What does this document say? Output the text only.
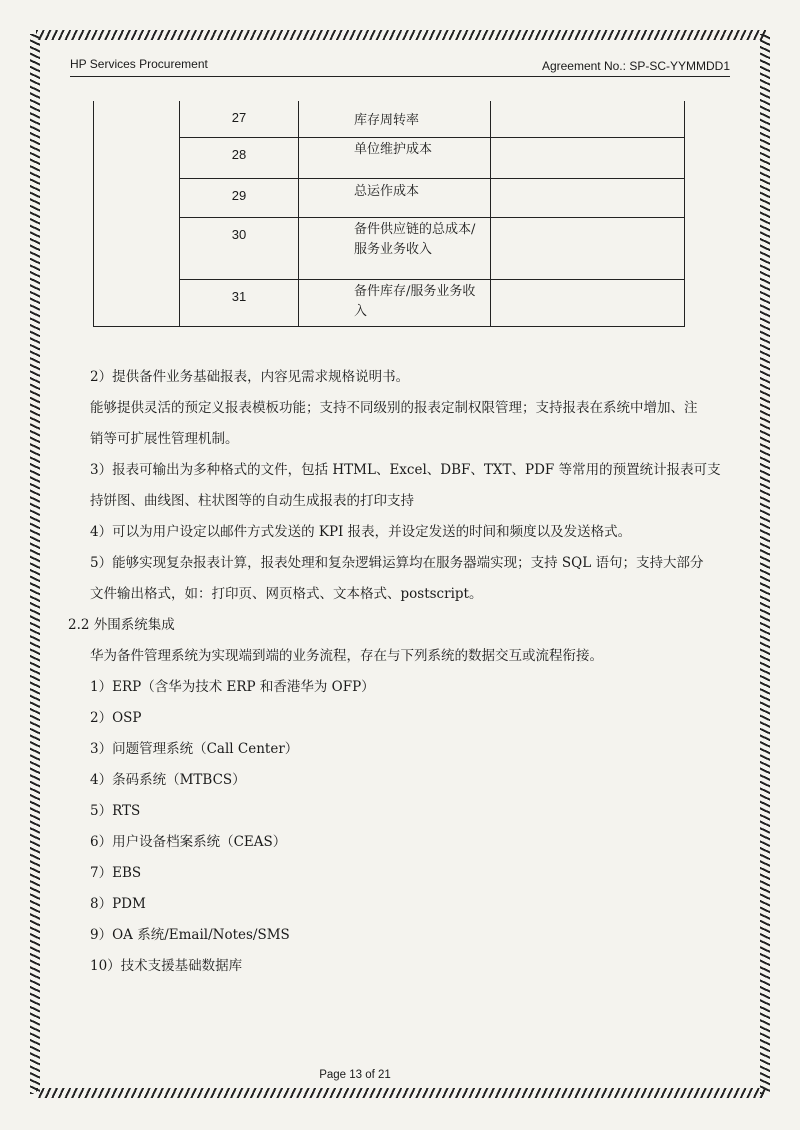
HP Services Procurement	Agreement No.: SP-SC-YYMMDD1
	27	库存周转率	
	28	单位维护成本	
	29	总运作成本	
	30	备件供应链的总成本/
服务业务收入	

	31	备件库存/服务业务收
入	

2）提供备件业务基础报表，内容见需求规格说明书。

能够提供灵活的预定义报表模板功能；支持不同级别的报表定制权限管理；支持报表在系统中增加、注

销等可扩展性管理机制。

3）报表可输出为多种格式的文件，包括 HTML、Excel、DBF、TXT、PDF 等常用的预置统计报表可支

持饼图、曲线图、柱状图等的自动生成报表的打印支持

4）可以为用户设定以邮件方式发送的 KPI 报表，并设定发送的时间和频度以及发送格式。

5）能够实现复杂报表计算，报表处理和复杂逻辑运算均在服务器端实现；支持 SQL 语句；支持大部分

文件输出格式，如：打印页、网页格式、文本格式、postscript。

2.2 外围系统集成

华为备件管理系统为实现端到端的业务流程，存在与下列系统的数据交互或流程衔接。

1）ERP（含华为技术 ERP 和香港华为 OFP）

2）OSP

3）问题管理系统（Call Center）

4）条码系统（MTBCS）

5）RTS

6）用户设备档案系统（CEAS）

7）EBS

8）PDM

9）OA 系统/Email/Notes/SMS

10）技术支援基础数据库

Page 13 of 21
